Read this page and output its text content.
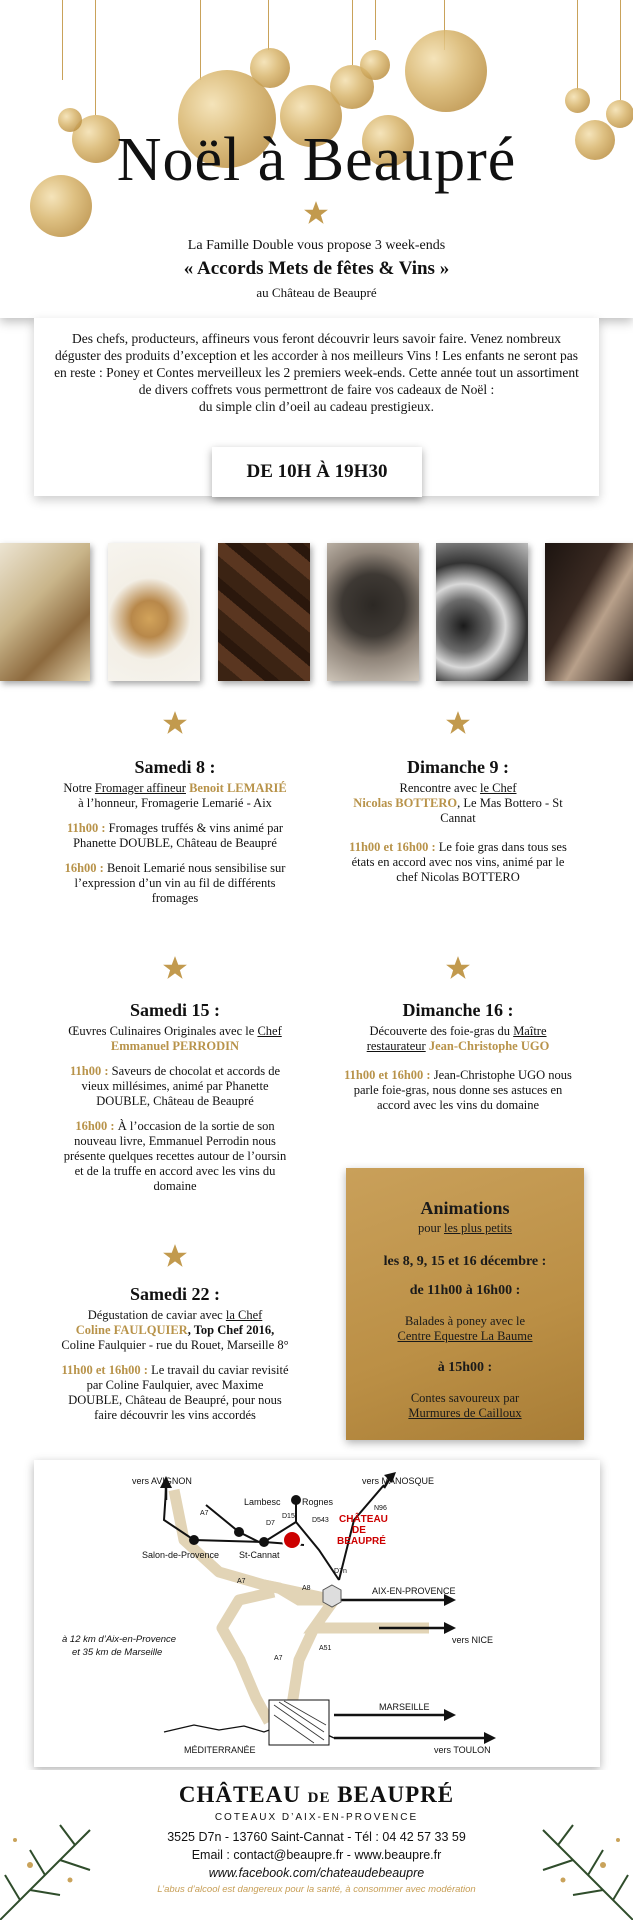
Noël à Beaupré
La Famille Double vous propose 3 week-ends
« Accords Mets de fêtes & Vins »
au Château de Beaupré

Des chefs, producteurs, affineurs vous feront découvrir leurs savoir faire. Venez nombreux déguster des produits d’exception et les accorder à nos meilleurs Vins ! Les enfants ne seront pas en reste : Poney et Contes merveilleux les 2 premiers week-ends. Cette année tout un assortiment de divers coffrets vous permettront de faire vos cadeaux de Noël :

du simple clin d’oeil au cadeau prestigieux.

DE 10H À 19H30
Samedi 8 :

Notre Fromager affineur Benoit LEMARIÉ
à l’honneur, Fromagerie Lemarié - Aix

11h00 : Fromages truffés & vins animé par Phanette DOUBLE, Château de Beaupré

16h00 : Benoit Lemarié nous sensibilise sur l’expression d’un vin au fil de différents fromages

Dimanche 9 :

Rencontre avec le Chef
Nicolas BOTTERO, Le Mas Bottero - St Cannat

11h00 et 16h00 : Le foie gras dans tous ses états en accord avec nos vins, animé par le chef Nicolas BOTTERO

Samedi 15 :

Œuvres Culinaires Originales avec le Chef
Emmanuel PERRODIN

11h00 : Saveurs de chocolat et accords de vieux millésimes, animé par Phanette DOUBLE, Château de Beaupré

16h00 : À l’occasion de la sortie de son nouveau livre, Emmanuel Perrodin nous présente quelques recettes autour de l’oursin et de la truffe en accord avec les vins du domaine

Dimanche 16 :

Découverte des foie-gras du Maître restaurateur Jean-Christophe UGO

11h00 et 16h00 : Jean-Christophe UGO nous parle foie-gras, nous donne ses astuces en accord avec les vins du domaine

Samedi 22 :

Dégustation de caviar avec la Chef
Coline FAULQUIER, Top Chef 2016,
Coline Faulquier - rue du Rouet, Marseille 8°

11h00 et 16h00 : Le travail du caviar revisité par Coline Faulquier, avec Maxime DOUBLE, Château de Beaupré, pour nous faire découvrir les vins accordés

Animations

pour les plus petits

les 8, 9, 15 et 16 décembre :

de 11h00 à 16h00 :

Balades à poney avec le

Centre Equestre La Baume

à 15h00 :

Contes savoureux par

Murmures de Cailloux

vers AVIGNON	vers MANOSQUE
Lambesc Rognes
Salon-de-Provence St-Cannat
CHÂTEAU
DE
BEAUPRÉ
AIX-EN-PROVENCE
vers NICE
MARSEILLE
vers TOULON
MÉDITERRANÉE
à 12 km d’Aix-en-Provence
et 35 km de Marseille
A7
D7
D15
D543
N96
A7
A8
D7n
A7
A51
CHÂTEAU DE BEAUPRÉ
COTEAUX D’AIX-EN-PROVENCE
3525 D7n - 13760 Saint-Cannat - Tél : 04 42 57 33 59
Email : contact@beaupre.fr - www.beaupre.fr
www.facebook.com/chateaudebeaupre
L’abus d’alcool est dangereux pour la santé, à consommer avec modération
